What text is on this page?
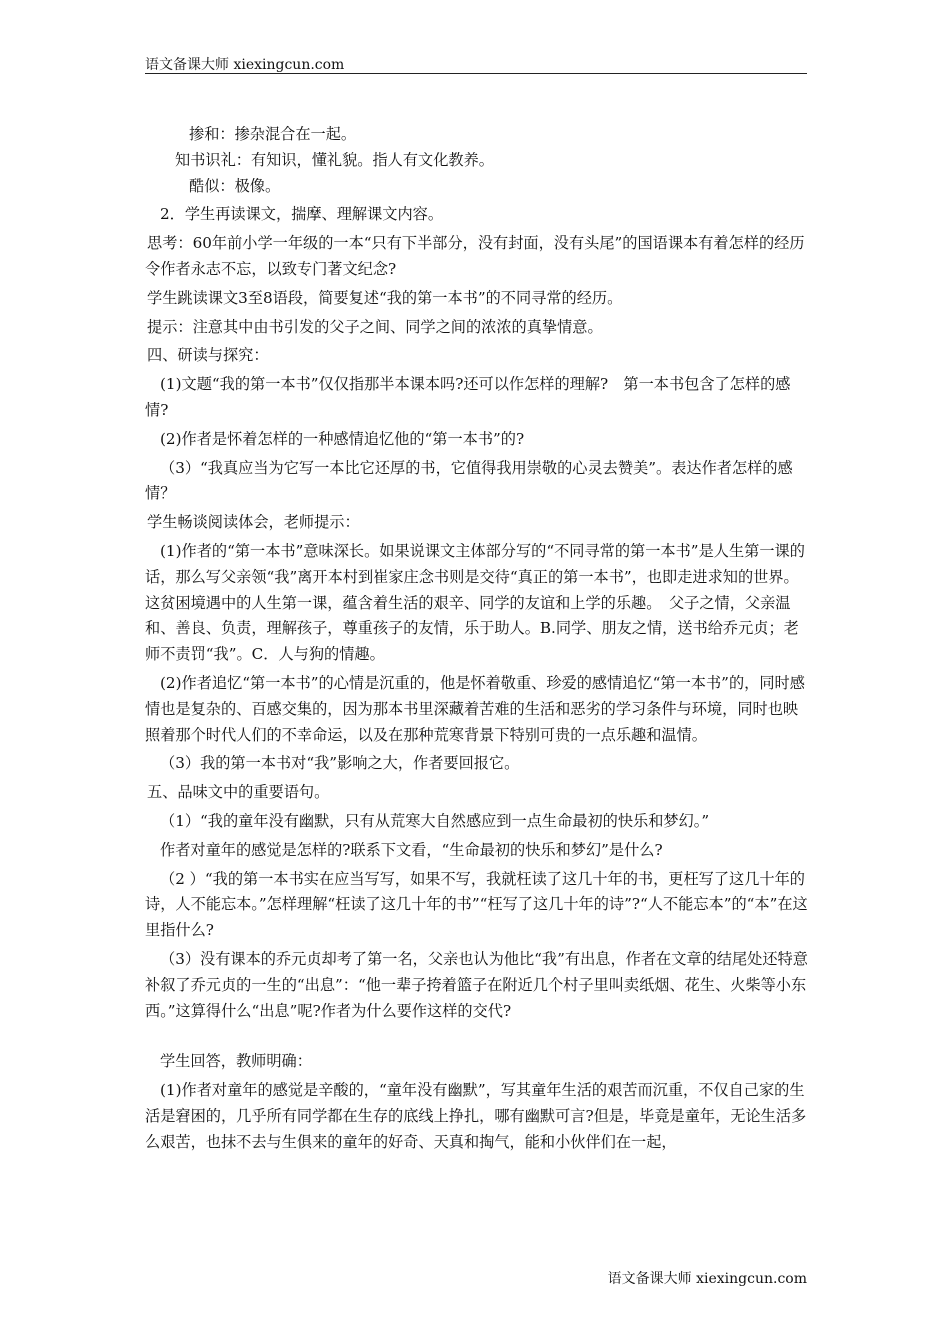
语文备课大师 xiexingcun.com

掺和：掺杂混合在一起。

知书识礼：有知识，懂礼貌。指人有文化教养。

酷似：极像。

2．学生再读课文，揣摩、理解课文内容。

思考：60年前小学一年级的一本“只有下半部分，没有封面，没有头尾”的国语课本有着怎样的经历令作者永志不忘，以致专门著文纪念?

学生跳读课文3至8语段，简要复述“我的第一本书”的不同寻常的经历。

提示：注意其中由书引发的父子之间、同学之间的浓浓的真挚情意。

四、研读与探究：

(1)文题“我的第一本书”仅仅指那半本课本吗?还可以作怎样的理解?　第一本书包含了怎样的感情?

(2)作者是怀着怎样的一种感情追忆他的“第一本书”的?

（3）“我真应当为它写一本比它还厚的书，它值得我用崇敬的心灵去赞美”。表达作者怎样的感情？

学生畅谈阅读体会，老师提示：

(1)作者的“第一本书”意味深长。如果说课文主体部分写的“不同寻常的第一本书”是人生第一课的话，那么写父亲领“我”离开本村到崔家庄念书则是交待“真正的第一本书”，也即走进求知的世界。这贫困境遇中的人生第一课，蕴含着生活的艰辛、同学的友谊和上学的乐趣。　父子之情，父亲温和、善良、负责，理解孩子，尊重孩子的友情，乐于助人。B.同学、朋友之情，送书给乔元贞；老师不责罚“我”。C．人与狗的情趣。

(2)作者追忆“第一本书”的心情是沉重的，他是怀着敬重、珍爱的感情追忆“第一本书”的，同时感情也是复杂的、百感交集的，因为那本书里深藏着苦难的生活和恶劣的学习条件与环境，同时也映照着那个时代人们的不幸命运，以及在那种荒寒背景下特别可贵的一点乐趣和温情。

（3）我的第一本书对“我”影响之大，作者要回报它。

五、品味文中的重要语句。

（1）“我的童年没有幽默，只有从荒寒大自然感应到一点生命最初的快乐和梦幻。”

作者对童年的感觉是怎样的?联系下文看，“生命最初的快乐和梦幻”是什么?

（2 ）“我的第一本书实在应当写写，如果不写，我就枉读了这几十年的书，更枉写了这几十年的诗，人不能忘本。”怎样理解“枉读了这几十年的书”“枉写了这几十年的诗”?“人不能忘本”的“本”在这里指什么?

（3）没有课本的乔元贞却考了第一名，父亲也认为他比“我”有出息，作者在文章的结尾处还特意补叙了乔元贞的一生的“出息”：“他一辈子挎着篮子在附近几个村子里叫卖纸烟、花生、火柴等小东西。”这算得什么“出息”呢?作者为什么要作这样的交代?

学生回答，教师明确：

(1)作者对童年的感觉是辛酸的，“童年没有幽默”，写其童年生活的艰苦而沉重，不仅自己家的生活是窘困的，几乎所有同学都在生存的底线上挣扎，哪有幽默可言?但是，毕竟是童年，无论生活多么艰苦，也抹不去与生俱来的童年的好奇、天真和掏气，能和小伙伴们在一起，

语文备课大师 xiexingcun.com
